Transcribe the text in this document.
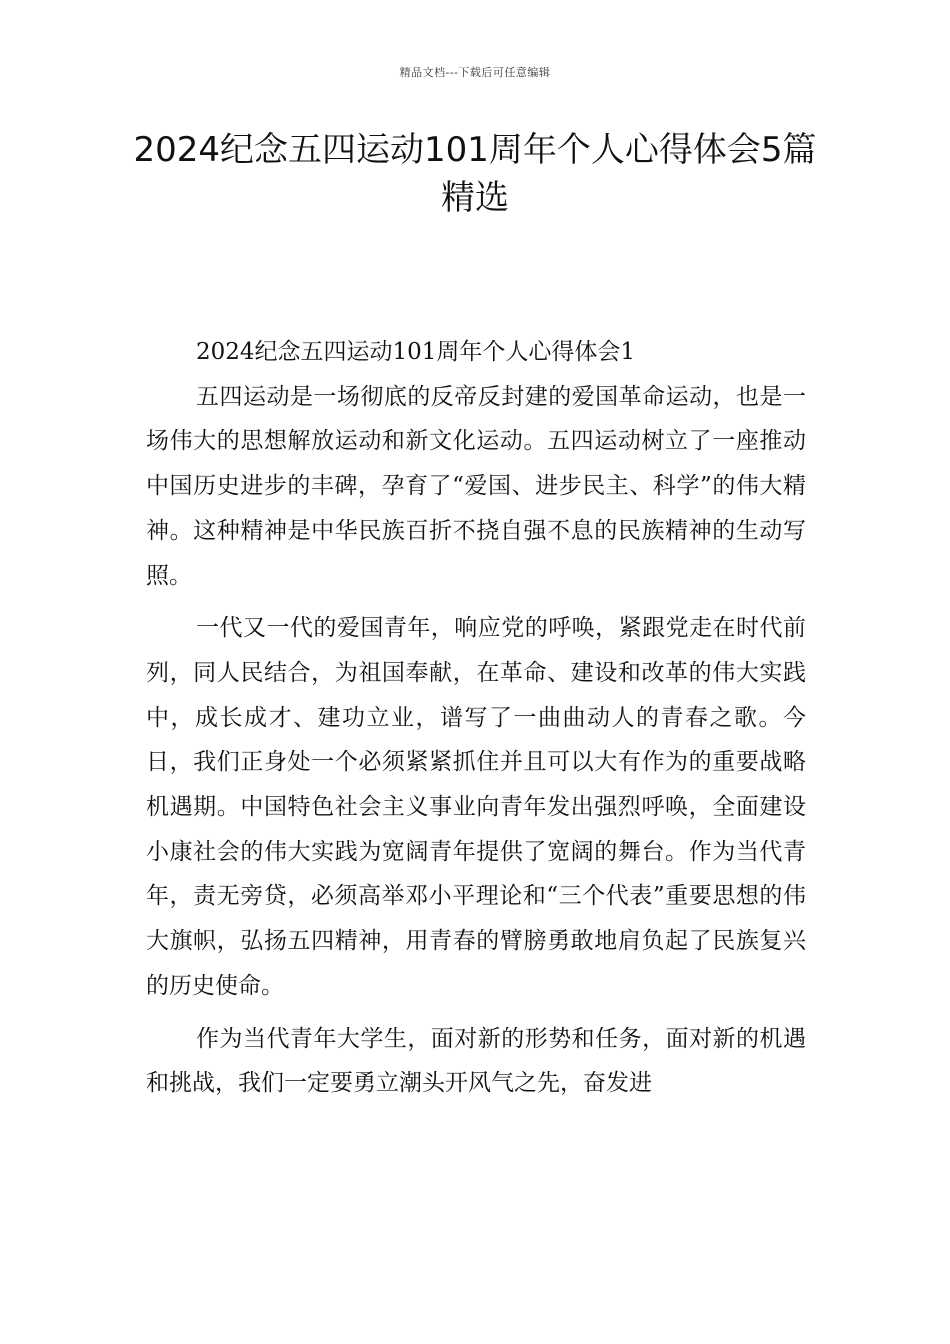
精品文档---下载后可任意编辑
2024纪念五四运动101周年个人心得体会5篇精选

2024纪念五四运动101周年个人心得体会1

五四运动是一场彻底的反帝反封建的爱国革命运动，也是一场伟大的思想解放运动和新文化运动。五四运动树立了一座推动中国历史进步的丰碑，孕育了“爱国、进步民主、科学”的伟大精神。这种精神是中华民族百折不挠自强不息的民族精神的生动写照。

一代又一代的爱国青年，响应党的呼唤，紧跟党走在时代前列，同人民结合，为祖国奉献，在革命、建设和改革的伟大实践中，成长成才、建功立业，谱写了一曲曲动人的青春之歌。今日，我们正身处一个必须紧紧抓住并且可以大有作为的重要战略机遇期。中国特色社会主义事业向青年发出强烈呼唤，全面建设小康社会的伟大实践为宽阔青年提供了宽阔的舞台。作为当代青年，责无旁贷，必须高举邓小平理论和“三个代表”重要思想的伟大旗帜，弘扬五四精神，用青春的臂膀勇敢地肩负起了民族复兴的历史使命。

作为当代青年大学生，面对新的形势和任务，面对新的机遇和挑战，我们一定要勇立潮头开风气之先，奋发进
